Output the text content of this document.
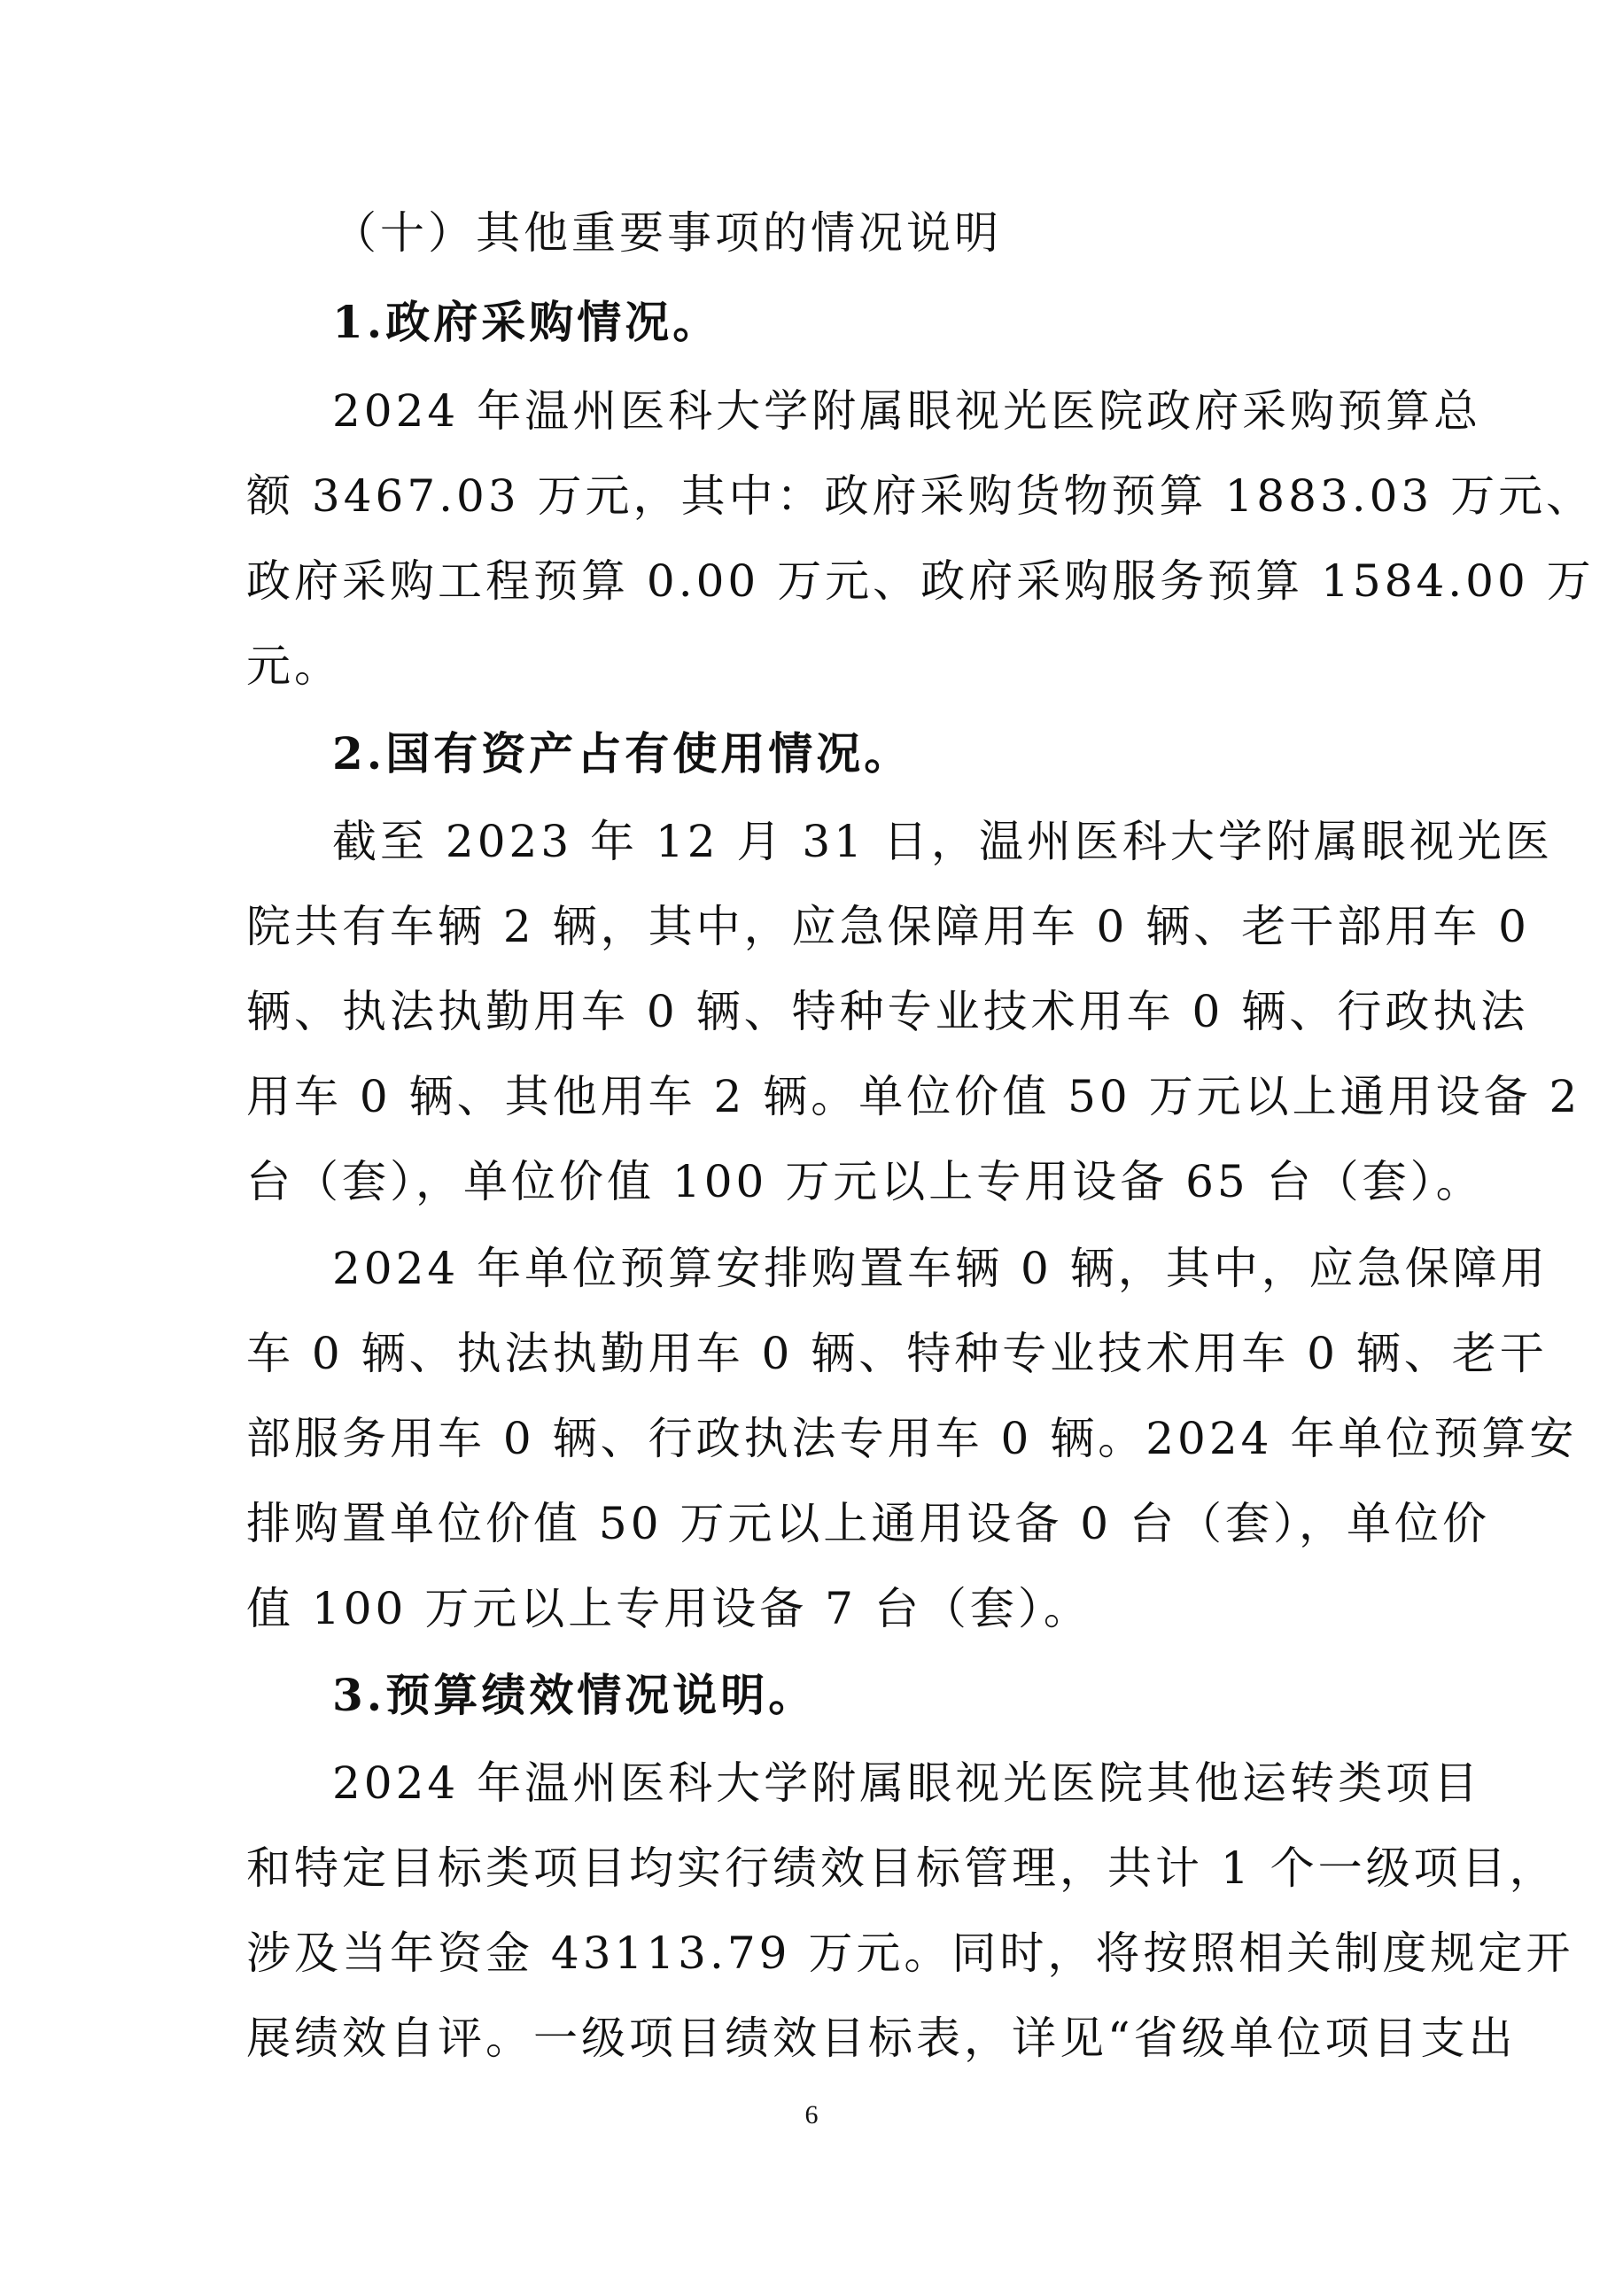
（十）其他重要事项的情况说明
1.政府采购情况。
2024 年温州医科大学附属眼视光医院政府采购预算总
额 3467.03 万元，其中：政府采购货物预算 1883.03 万元、
政府采购工程预算 0.00 万元、政府采购服务预算 1584.00 万
元。
2.国有资产占有使用情况。
截至 2023 年 12 月 31 日，温州医科大学附属眼视光医
院共有车辆 2 辆，其中，应急保障用车 0 辆、老干部用车 0
辆、执法执勤用车 0 辆、特种专业技术用车 0 辆、行政执法
用车 0 辆、其他用车 2 辆。单位价值 50 万元以上通用设备 2
台（套），单位价值 100 万元以上专用设备 65 台（套）。
2024 年单位预算安排购置车辆 0 辆，其中，应急保障用
车 0 辆、执法执勤用车 0 辆、特种专业技术用车 0 辆、老干
部服务用车 0 辆、行政执法专用车 0 辆。2024 年单位预算安
排购置单位价值 50 万元以上通用设备 0 台（套），单位价
值 100 万元以上专用设备 7 台（套）。
3.预算绩效情况说明。
2024 年温州医科大学附属眼视光医院其他运转类项目
和特定目标类项目均实行绩效目标管理，共计 1 个一级项目，
涉及当年资金 43113.79 万元。同时，将按照相关制度规定开
展绩效自评。一级项目绩效目标表，详见“省级单位项目支出
6
